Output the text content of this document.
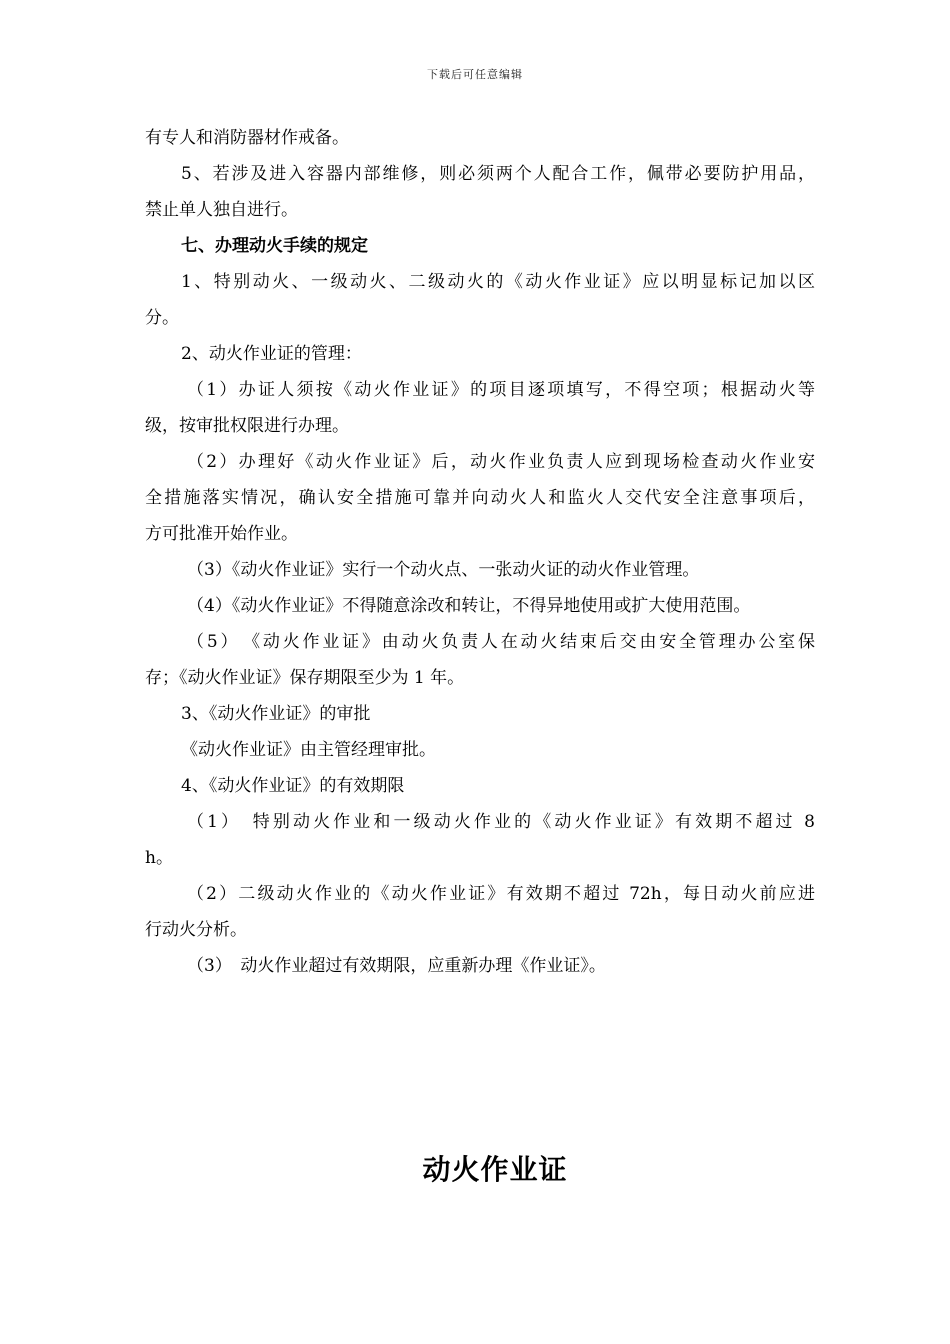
下载后可任意编辑
有专人和消防器材作戒备。
5、若涉及进入容器内部维修，则必须两个人配合工作，佩带必要防护用品，
禁止单人独自进行。
七、办理动火手续的规定
1、特别动火、一级动火、二级动火的《动火作业证》应以明显标记加以区
分。
2、动火作业证的管理：
（1）办证人须按《动火作业证》的项目逐项填写，不得空项；根据动火等
级，按审批权限进行办理。
（2）办理好《动火作业证》后，动火作业负责人应到现场检查动火作业安
全措施落实情况，确认安全措施可靠并向动火人和监火人交代安全注意事项后，
方可批准开始作业。
（3）《动火作业证》实行一个动火点、一张动火证的动火作业管理。
（4）《动火作业证》不得随意涂改和转让，不得异地使用或扩大使用范围。
（5）　《动火作业证》由动火负责人在动火结束后交由安全管理办公室保
存；《动火作业证》保存期限至少为 1 年。
3、《动火作业证》的审批
《动火作业证》由主管经理审批。
4、《动火作业证》的有效期限
（1）　特别动火作业和一级动火作业的《动火作业证》有效期不超过 8
h。
（2）二级动火作业的《动火作业证》有效期不超过 72h，每日动火前应进
行动火分析。
（3）　动火作业超过有效期限，应重新办理《作业证》。
动火作业证
